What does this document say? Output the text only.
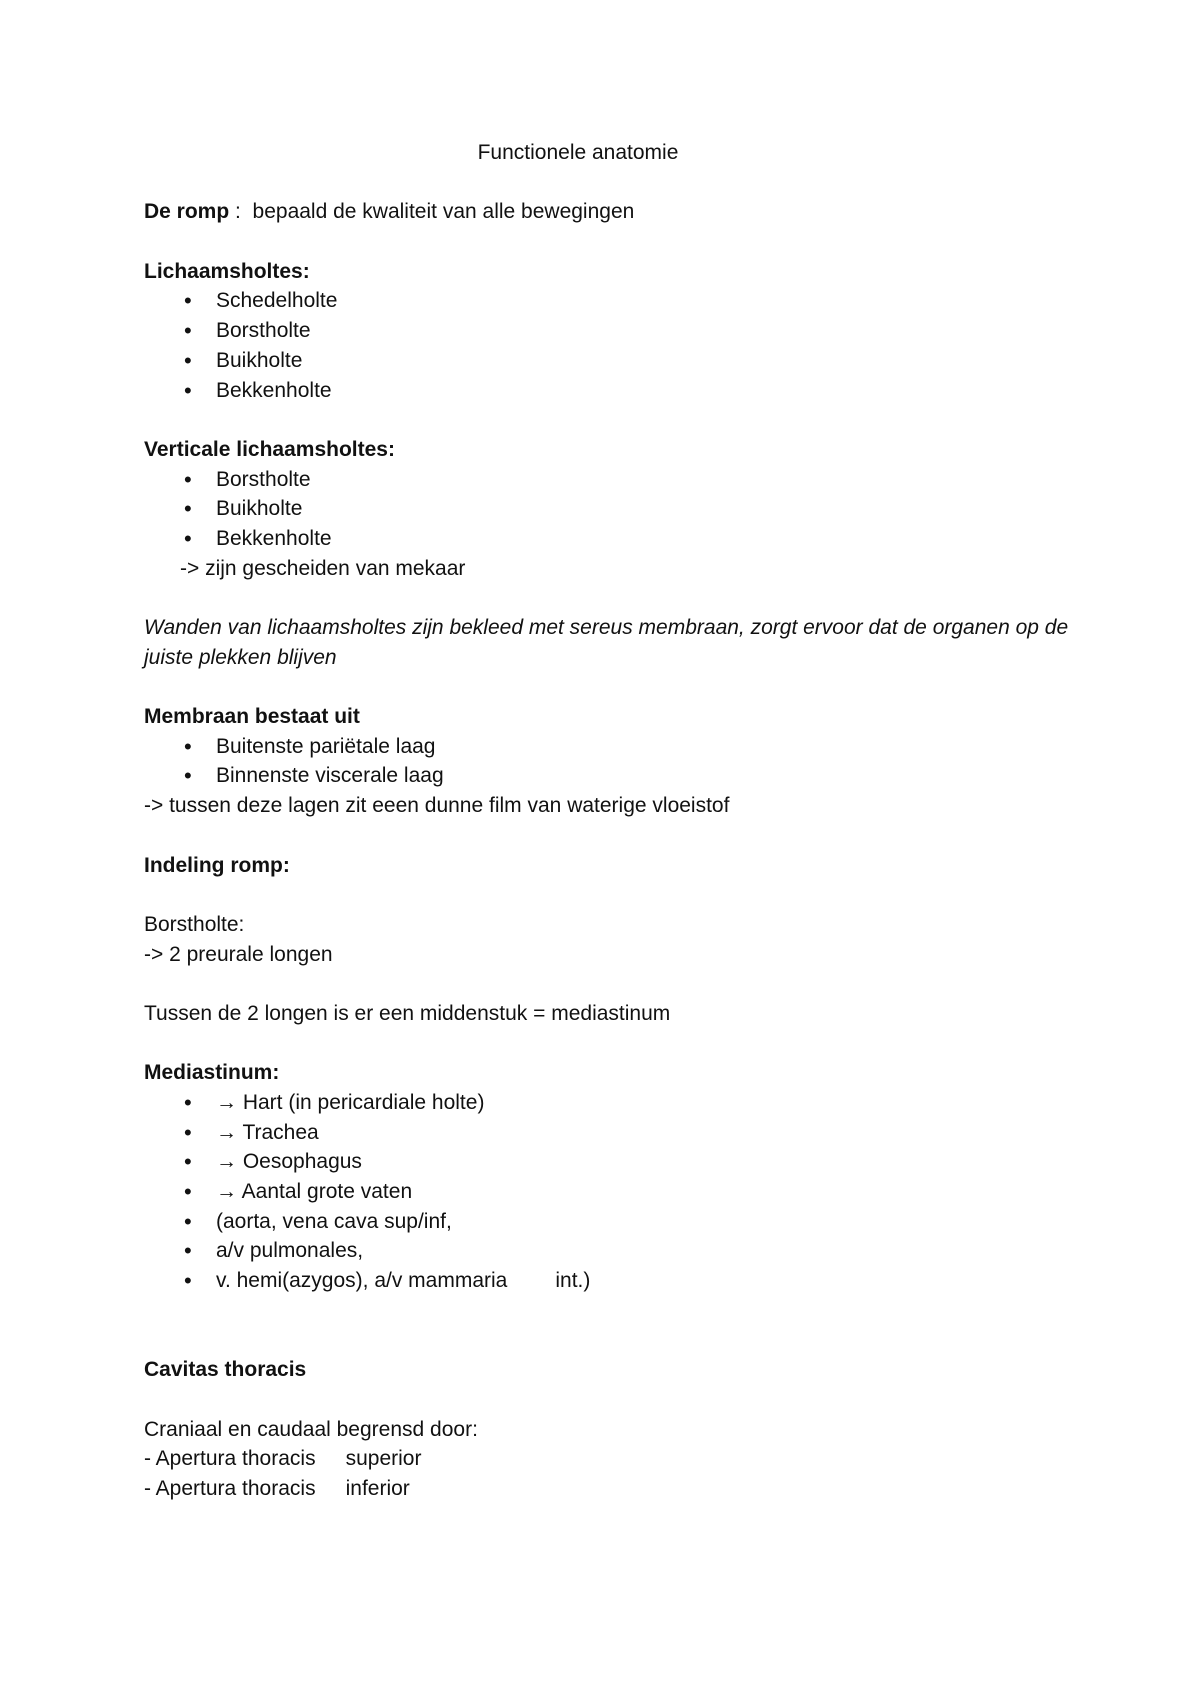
Functionele anatomie
De romp :  bepaald de kwaliteit van alle bewegingen
Lichaamsholtes:
• Schedelholte
• Borstholte
• Buikholte
• Bekkenholte
Verticale lichaamsholtes:
• Borstholte
• Buikholte
• Bekkenholte
-> zijn gescheiden van mekaar
Wanden van lichaamsholtes zijn bekleed met sereus membraan, zorgt ervoor dat de organen op de juiste plekken blijven
Membraan bestaat uit
• Buitenste pariëtale laag
• Binnenste viscerale laag
-> tussen deze lagen zit eeen dunne film van waterige vloeistof
Indeling romp:
Borstholte:
-> 2 preurale longen
Tussen de 2 longen is er een middenstuk = mediastinum
Mediastinum:
• → Hart (in pericardiale holte)
• → Trachea
• → Oesophagus
• → Aantal grote vaten
• (aorta, vena cava sup/inf,
• a/v pulmonales,
• v. hemi(azygos), a/v mammaria int.)
Cavitas thoracis
Craniaal en caudaal begrensd door:
- Apertura thoracis superior
- Apertura thoracis inferior
